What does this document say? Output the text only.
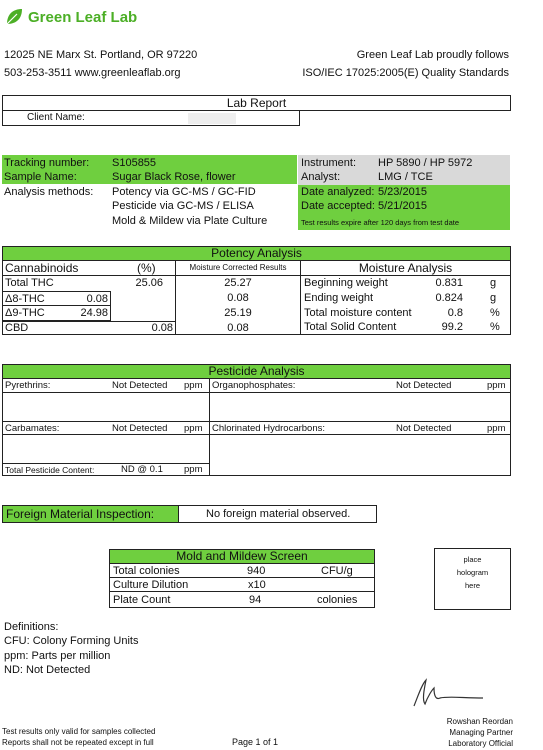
Green Leaf Lab
12025 NE Marx St. Portland, OR 97220
503-253-3511 www.greenleaflab.org
Green Leaf Lab proudly follows
ISO/IEC 17025:2005(E) Quality Standards
Lab Report
Client Name:
Tracking number: S105855
Sample Name:	Sugar Black Rose, flower
Analysis methods: Potency via GC-MS / GC-FID
Pesticide via GC-MS / ELISA
Mold & Mildew via Plate Culture
Instrument: HP 5890 / HP 5972
Analyst:	LMG / TCE
Date analyzed: 5/23/2015
Date accepted: 5/21/2015
Test results expire after 120 days from test date
Potency Analysis
Cannabinoids	(%)	Moisture Corrected Results	Moisture Analysis
Total THC	25.06	25.27
Δ8-THC	0.08	0.08
Δ9-THC	24.98	25.19
CBD	0.08	0.08
Beginning weight	0.831 g
Ending weight	0.824 g
Total moisture content	0.8 %
Total Solid Content	99.2 %
Pesticide Analysis
Pyrethrins:	Not Detected ppm Organophosphates:	Not Detected	ppm
Carbamates:	Not Detected ppm Chlorinated Hydrocarbons:	Not Detected	ppm
Total Pesticide Content:	ND @ 0.1 ppm
Foreign Material Inspection:	No foreign material observed.
Mold and Mildew Screen
Total colonies	940	CFU/g
Culture Dilution	x10
Plate Count	94	colonies
place
hologram
here
Definitions:
CFU: Colony Forming Units
ppm: Parts per million
ND: Not Detected
Test results only valid for samples collected
Reports shall not be repeated except in full	Page 1 of 1
Rowshan Reordan
Managing Partner
Laboratory Official
